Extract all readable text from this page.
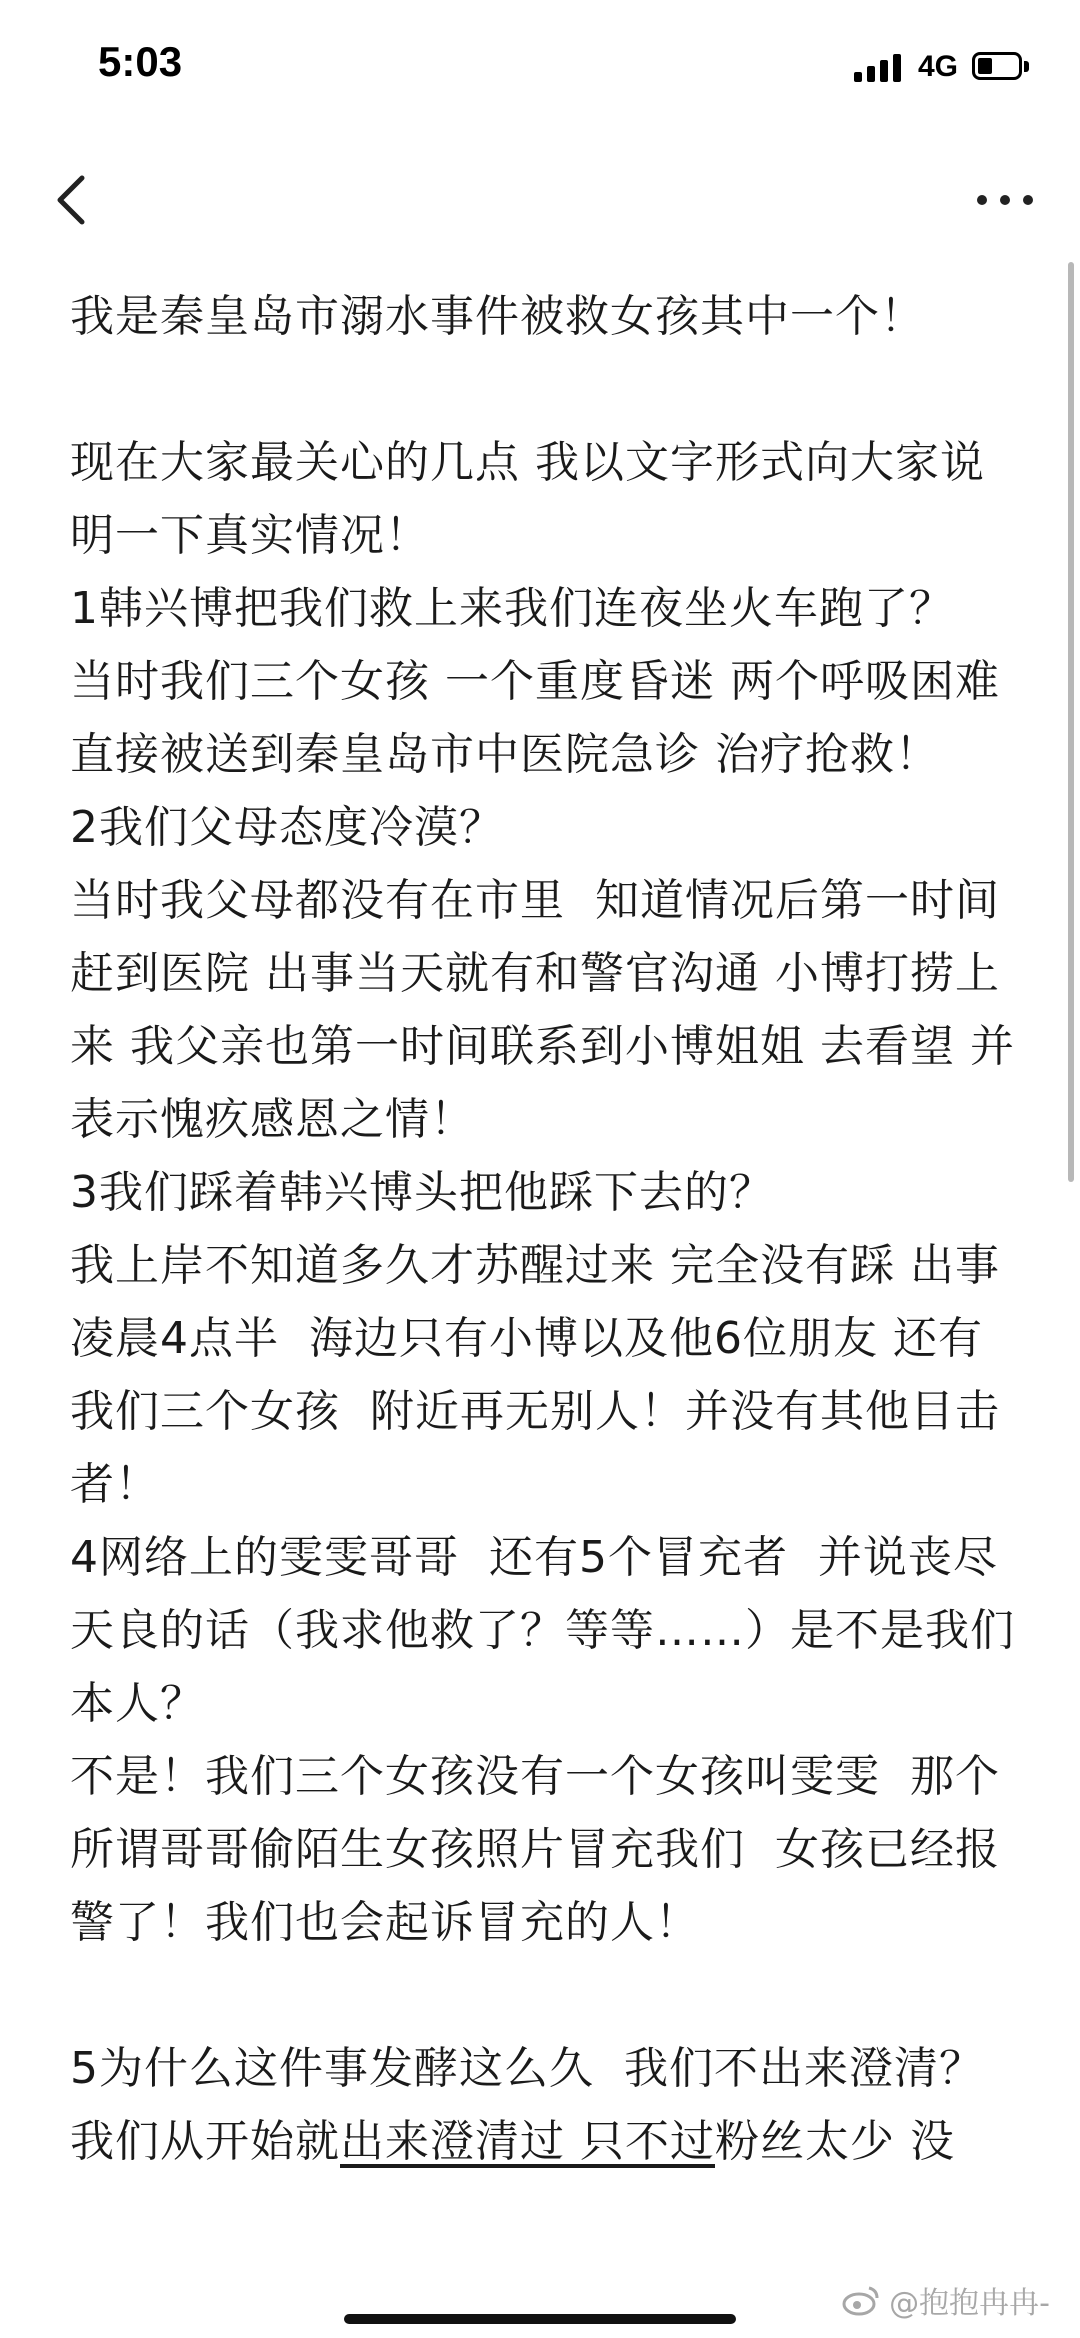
5:03	4G

我是秦皇岛市溺水事件被救女孩其中一个！

现在大家最关心的几点 我以文字形式向大家说明一下真实情况！

1韩兴博把我们救上来我们连夜坐火车跑了？

当时我们三个女孩 一个重度昏迷 两个呼吸困难 直接被送到秦皇岛市中医院急诊 治疗抢救！

2我们父母态度冷漠？

当时我父母都没有在市里  知道情况后第一时间赶到医院 出事当天就有和警官沟通 小博打捞上来 我父亲也第一时间联系到小博姐姐 去看望 并表示愧疚感恩之情！

3我们踩着韩兴博头把他踩下去的？

我上岸不知道多久才苏醒过来 完全没有踩 出事凌晨4点半  海边只有小博以及他6位朋友 还有我们三个女孩  附近再无别人！并没有其他目击者！

4网络上的雯雯哥哥  还有5个冒充者  并说丧尽天良的话（我求他救了？等等……）是不是我们本人？

不是！我们三个女孩没有一个女孩叫雯雯  那个所谓哥哥偷陌生女孩照片冒充我们  女孩已经报警了！我们也会起诉冒充的人！

5为什么这件事发酵这么久  我们不出来澄清？

我们从开始就出来澄清过 只不过粉丝太少 没

@抱抱冉冉-
